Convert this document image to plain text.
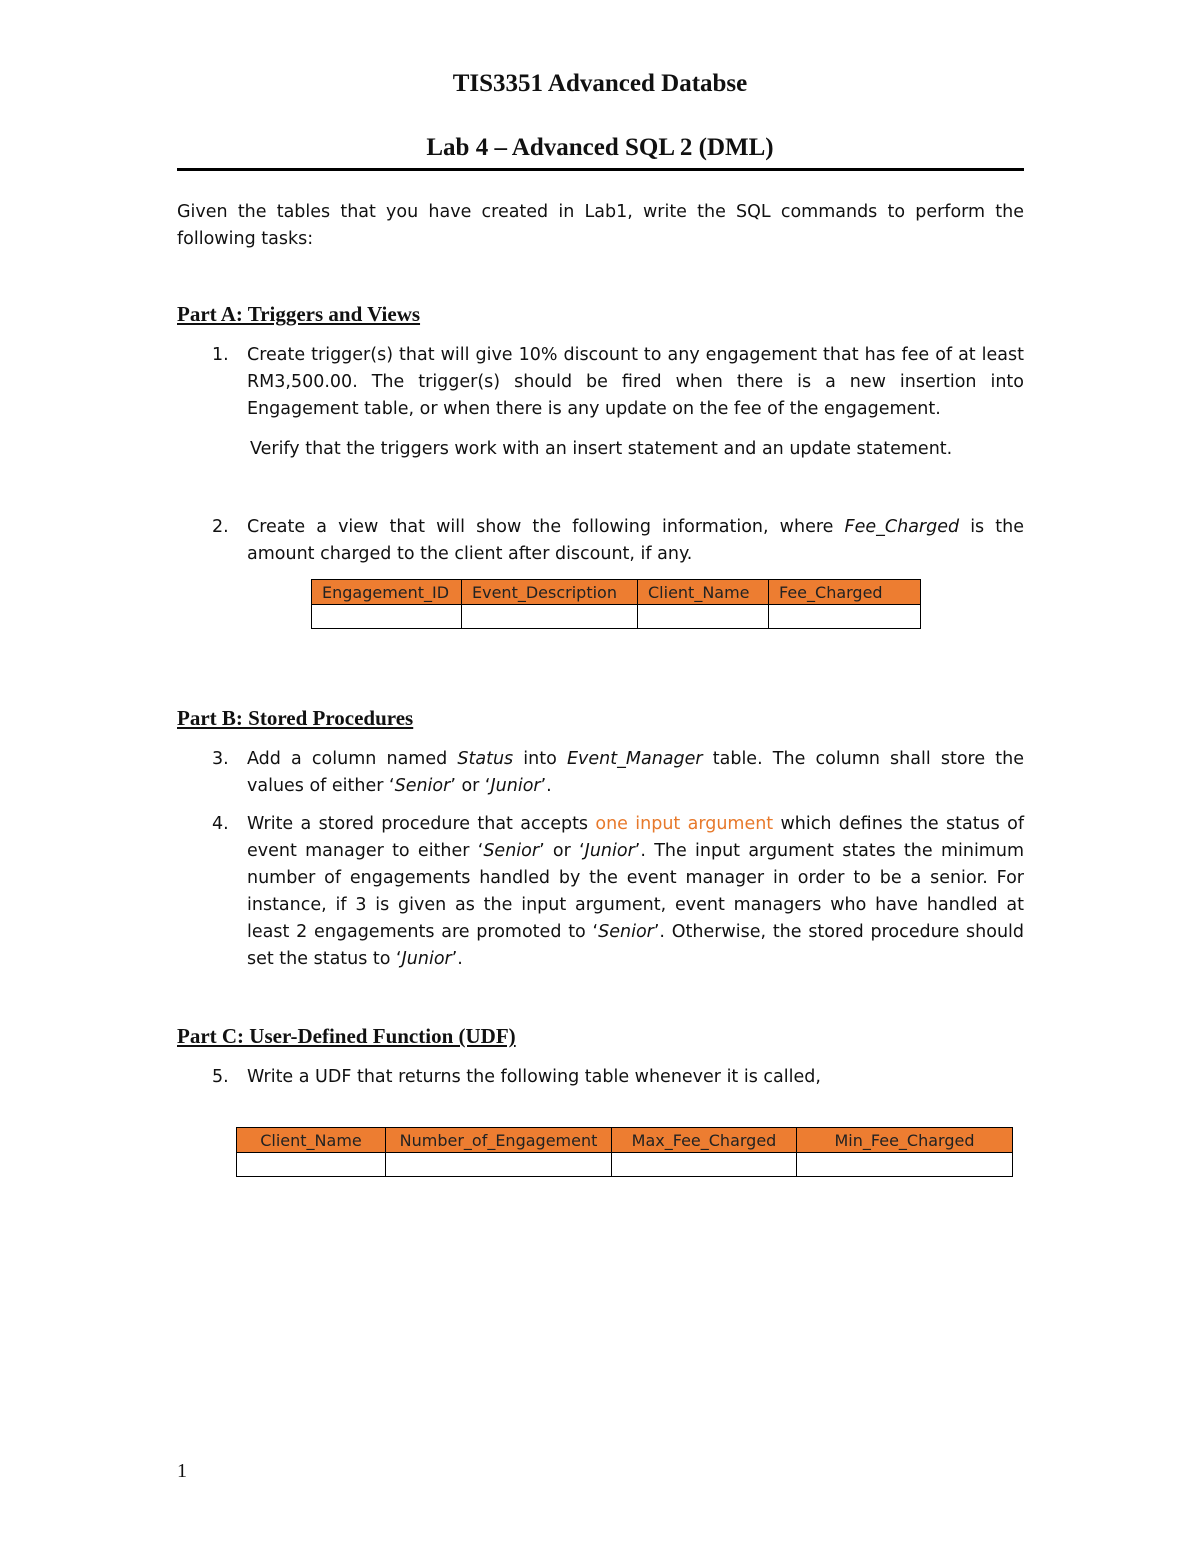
TIS3351 Advanced Databse
Lab 4 – Advanced SQL 2 (DML)
Given the tables that you have created in Lab1, write the SQL commands to perform the following tasks:
Part A: Triggers and Views
1. Create trigger(s) that will give 10% discount to any engagement that has fee of at least RM3,500.00. The trigger(s) should be fired when there is a new insertion into Engagement table, or when there is any update on the fee of the engagement.
Verify that the triggers work with an insert statement and an update statement.
2. Create a view that will show the following information, where Fee_Charged is the amount charged to the client after discount, if any.
Engagement_ID	Event_Description	Client_Name	Fee_Charged

Part B: Stored Procedures
3. Add a column named Status into Event_Manager table. The column shall store the values of either ‘Senior’ or ‘Junior’.
4. Write a stored procedure that accepts one input argument which defines the status of event manager to either ‘Senior’ or ‘Junior’. The input argument states the minimum number of engagements handled by the event manager in order to be a senior. For instance, if 3 is given as the input argument, event managers who have handled at least 2 engagements are promoted to ‘Senior’. Otherwise, the stored procedure should set the status to ‘Junior’.
Part C: User-Defined Function (UDF)
5. Write a UDF that returns the following table whenever it is called,
Client_Name	Number_of_Engagement	Max_Fee_Charged	Min_Fee_Charged

1
